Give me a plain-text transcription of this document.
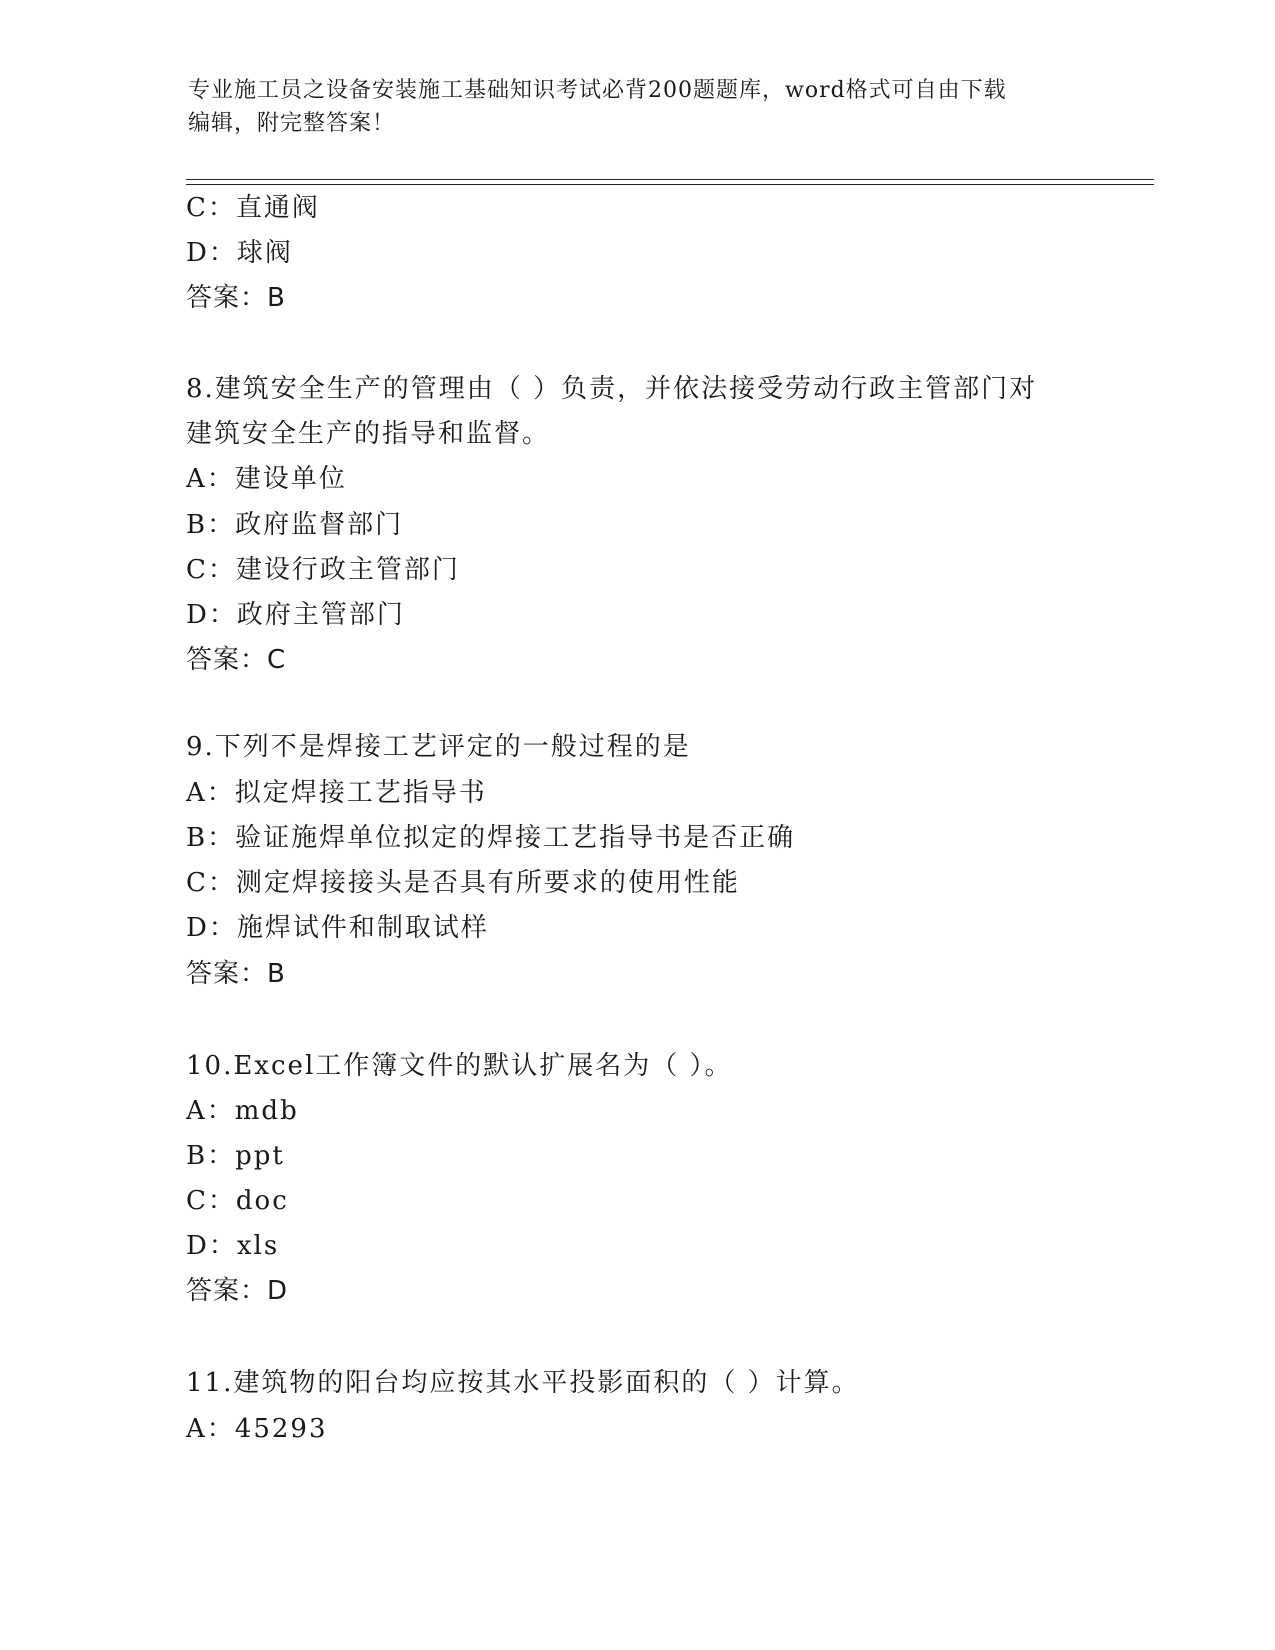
专业施工员之设备安装施工基础知识考试必背200题题库，word格式可自由下载
编辑，附完整答案！
C：直通阀
D：球阀
答案：B
8.建筑安全生产的管理由（ ）负责，并依法接受劳动行政主管部门对
建筑安全生产的指导和监督。
A：建设单位
B：政府监督部门
C：建设行政主管部门
D：政府主管部门
答案：C
9.下列不是焊接工艺评定的一般过程的是
A：拟定焊接工艺指导书
B：验证施焊单位拟定的焊接工艺指导书是否正确
C：测定焊接接头是否具有所要求的使用性能
D：施焊试件和制取试样
答案：B
10.Excel工作簿文件的默认扩展名为（ ）。
A：mdb
B：ppt
C：doc
D：xls
答案：D
11.建筑物的阳台均应按其水平投影面积的（ ）计算。
A：45293
